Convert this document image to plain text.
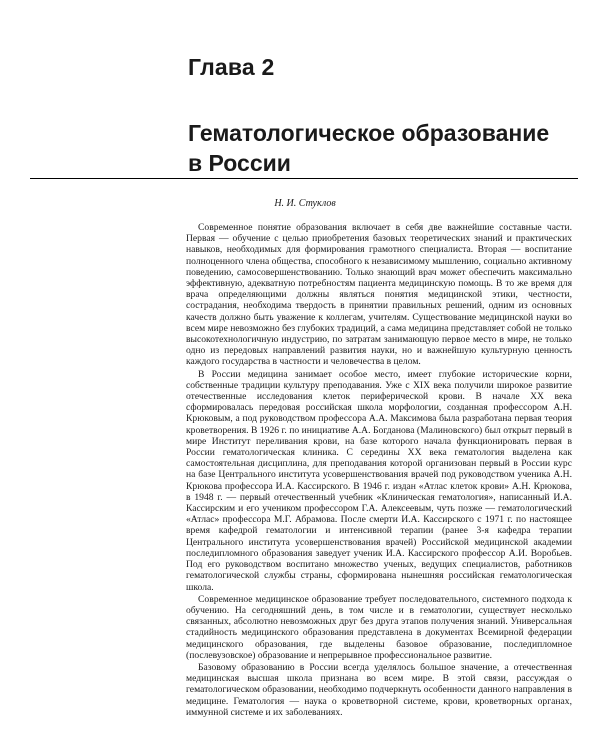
Глава 2
Гематологическое образование в России

Н. И. Стуклов

Современное понятие образования включает в себя две важнейшие составные части. Первая — обучение с целью приобретения базовых теоретических знаний и практических навыков, необходимых для формирования грамотного специалиста. Вторая — воспитание полноценного члена общества, способного к независимому мышлению, социально активному поведению, самосовершенствованию. Только знающий врач может обеспечить максимально эффективную, адекватную потребностям пациента медицинскую помощь. В то же время для врача определяющими должны являться понятия медицинской этики, честности, сострадания, необходима твердость в принятии правильных решений, одним из основных качеств должно быть уважение к коллегам, учителям. Существование медицинской науки во всем мире невозможно без глубоких традиций, а сама медицина представляет собой не только высокотехнологичную индустрию, по затратам занимающую первое место в мире, не только одно из передовых направлений развития науки, но и важнейшую культурную ценность каждого государства в частности и человечества в целом.

В России медицина занимает особое место, имеет глубокие исторические корни, собственные традиции культуру преподавания. Уже с XIX века получили широкое развитие отечественные исследования клеток периферической крови. В начале XX века сформировалась передовая российская школа морфологии, созданная профессором А.Н. Крюковым, а под руководством профессора А.А. Максимова была разработана первая теория кроветворения. В 1926 г. по инициативе А.А. Богданова (Малиновского) был открыт первый в мире Институт переливания крови, на базе которого начала функционировать первая в России гематологическая клиника. С середины XX века гематология выделена как самостоятельная дисциплина, для преподавания которой организован первый в России курс на базе Центрального института усовершенствования врачей под руководством ученика А.Н. Крюкова профессора И.А. Кассирского. В 1946 г. издан «Атлас клеток крови» А.Н. Крюкова, в 1948 г. — первый отечественный учебник «Клиническая гематология», написанный И.А. Кассирским и его учеником профессором Г.А. Алексеевым, чуть позже — гематологический «Атлас» профессора М.Г. Абрамова. После смерти И.А. Кассирского с 1971 г. по настоящее время кафедрой гематологии и интенсивной терапии (ранее 3-я кафедра терапии Центрального института усовершенствования врачей) Российской медицинской академии последипломного образования заведует ученик И.А. Кассирского профессор А.И. Воробьев. Под его руководством воспитано множество ученых, ведущих специалистов, работников гематологической службы страны, сформирована нынешняя российская гематологическая школа.

Современное медицинское образование требует последовательного, системного подхода к обучению. На сегодняшний день, в том числе и в гематологии, существует несколько связанных, абсолютно невозможных друг без друга этапов получения знаний. Универсальная стадийность медицинского образования представлена в документах Всемирной федерации медицинского образования, где выделены базовое образование, последипломное (послевузовское) образование и непрерывное профессиональное развитие.

Базовому образованию в России всегда уделялось большое значение, а отечественная медицинская высшая школа признана во всем мире. В этой связи, рассуждая о гематологическом образовании, необходимо подчеркнуть особенности данного направления в медицине. Гематология — наука о кроветворной системе, крови, кроветворных органах, иммунной системе и их заболеваниях.
